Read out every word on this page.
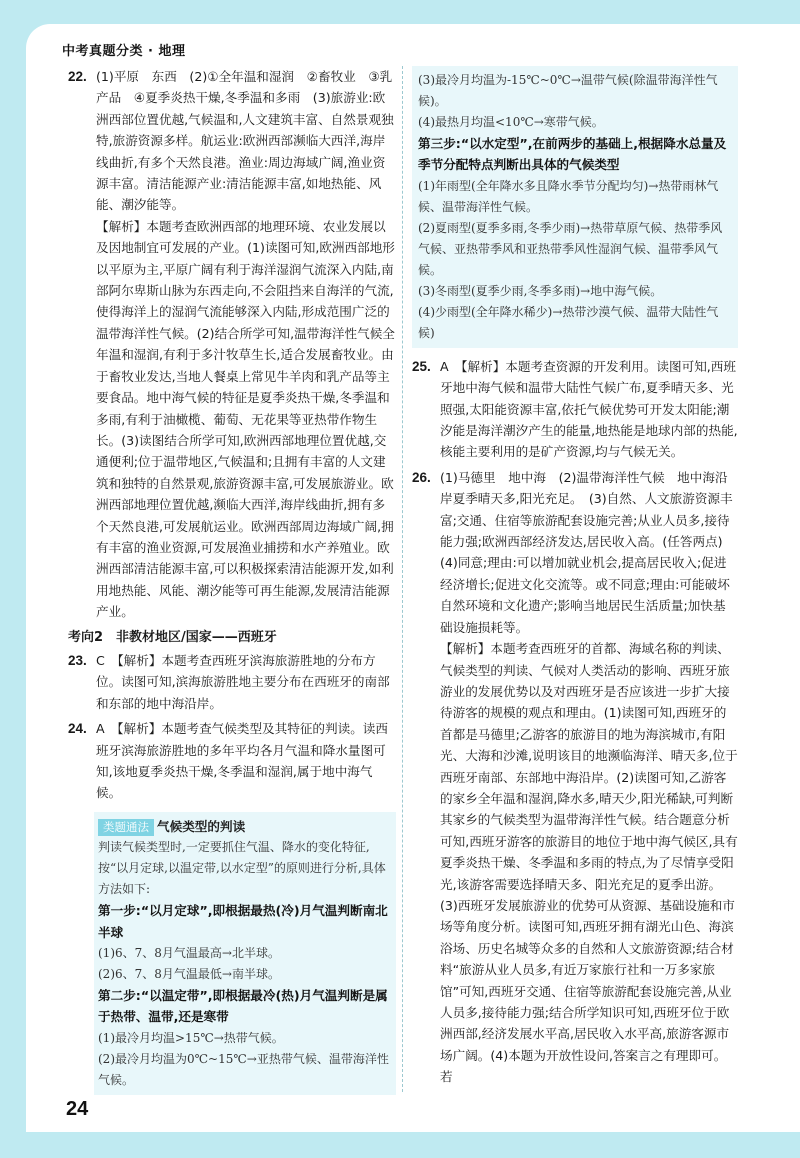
中考真题分类 · 地理
22. (1)平原　东西　(2)①全年温和湿润　②畜牧业　③乳产品　④夏季炎热干燥,冬季温和多雨　(3)旅游业:欧洲西部位置优越,气候温和,人文建筑丰富、自然景观独特,旅游资源多样。航运业:欧洲西部濒临大西洋,海岸线曲折,有多个天然良港。渔业:周边海域广阔,渔业资源丰富。清洁能源产业:清洁能源丰富,如地热能、风能、潮汐能等。
【解析】本题考查欧洲西部的地理环境、农业发展以及因地制宜可发展的产业。(1)读图可知,欧洲西部地形以平原为主,平原广阔有利于海洋湿润气流深入内陆,南部阿尔卑斯山脉为东西走向,不会阻挡来自海洋的气流,使得海洋上的湿润气流能够深入内陆,形成范围广泛的温带海洋性气候。(2)结合所学可知,温带海洋性气候全年温和湿润,有利于多汁牧草生长,适合发展畜牧业。由于畜牧业发达,当地人餐桌上常见牛羊肉和乳产品等主要食品。地中海气候的特征是夏季炎热干燥,冬季温和多雨,有利于油橄榄、葡萄、无花果等亚热带作物生长。(3)读图结合所学可知,欧洲西部地理位置优越,交通便利;位于温带地区,气候温和;且拥有丰富的人文建筑和独特的自然景观,旅游资源丰富,可发展旅游业。欧洲西部地理位置优越,濒临大西洋,海岸线曲折,拥有多个天然良港,可发展航运业。欧洲西部周边海域广阔,拥有丰富的渔业资源,可发展渔业捕捞和水产养殖业。欧洲西部清洁能源丰富,可以积极探索清洁能源开发,如利用地热能、风能、潮汐能等可再生能源,发展清洁能源产业。
考向2　非教材地区/国家——西班牙
23. C　【解析】本题考查西班牙滨海旅游胜地的分布方位。读图可知,滨海旅游胜地主要分布在西班牙的南部和东部的地中海沿岸。
24. A　【解析】本题考查气候类型及其特征的判读。读西班牙滨海旅游胜地的多年平均各月气温和降水量图可知,该地夏季炎热干燥,冬季温和湿润,属于地中海气候。
类题通法 气候类型的判读
判读气候类型时,一定要抓住气温、降水的变化特征,按“以月定球,以温定带,以水定型”的原则进行分析,具体方法如下:
第一步:“以月定球”,即根据最热(冷)月气温判断南北半球
(1)6、7、8月气温最高→北半球。
(2)6、7、8月气温最低→南半球。
第二步:“以温定带”,即根据最冷(热)月气温判断是属于热带、温带,还是寒带
(1)最冷月均温>15℃→热带气候。
(2)最冷月均温为0℃~15℃→亚热带气候、温带海洋性气候。
(3)最冷月均温为-15℃~0℃→温带气候(除温带海洋性气候)。
(4)最热月均温<10℃→寒带气候。
第三步:“以水定型”,在前两步的基础上,根据降水总量及季节分配特点判断出具体的气候类型
(1)年雨型(全年降水多且降水季节分配均匀)→热带雨林气候、温带海洋性气候。
(2)夏雨型(夏季多雨,冬季少雨)→热带草原气候、热带季风气候、亚热带季风和亚热带季风性湿润气候、温带季风气候。
(3)冬雨型(夏季少雨,冬季多雨)→地中海气候。
(4)少雨型(全年降水稀少)→热带沙漠气候、温带大陆性气候)
25. A　【解析】本题考查资源的开发利用。读图可知,西班牙地中海气候和温带大陆性气候广布,夏季晴天多、光照强,太阳能资源丰富,依托气候优势可开发太阳能;潮汐能是海洋潮汐产生的能量,地热能是地球内部的热能,核能主要利用的是矿产资源,均与气候无关。
26. (1)马德里　地中海　(2)温带海洋性气候　地中海沿岸夏季晴天多,阳光充足。　(3)自然、人文旅游资源丰富;交通、住宿等旅游配套设施完善;从业人员多,接待能力强;欧洲西部经济发达,居民收入高。(任答两点)　(4)同意;理由:可以增加就业机会,提高居民收入;促进经济增长;促进文化交流等。或不同意;理由:可能破坏自然环境和文化遗产;影响当地居民生活质量;加快基础设施损耗等。
【解析】本题考查西班牙的首都、海域名称的判读、气候类型的判读、气候对人类活动的影响、西班牙旅游业的发展优势以及对西班牙是否应该进一步扩大接待游客的规模的观点和理由。(1)读图可知,西班牙的首都是马德里;乙游客的旅游目的地为海滨城市,有阳光、大海和沙滩,说明该目的地濒临海洋、晴天多,位于西班牙南部、东部地中海沿岸。(2)读图可知,乙游客的家乡全年温和湿润,降水多,晴天少,阳光稀缺,可判断其家乡的气候类型为温带海洋性气候。结合题意分析可知,西班牙游客的旅游目的地位于地中海气候区,具有夏季炎热干燥、冬季温和多雨的特点,为了尽情享受阳光,该游客需要选择晴天多、阳光充足的夏季出游。(3)西班牙发展旅游业的优势可从资源、基础设施和市场等角度分析。读图可知,西班牙拥有湖光山色、海滨浴场、历史名城等众多的自然和人文旅游资源;结合材料“旅游从业人员多,有近万家旅行社和一万多家旅馆”可知,西班牙交通、住宿等旅游配套设施完善,从业人员多,接待能力强;结合所学知识可知,西班牙位于欧洲西部,经济发展水平高,居民收入水平高,旅游客源市场广阔。(4)本题为开放性设问,答案言之有理即可。若
24
